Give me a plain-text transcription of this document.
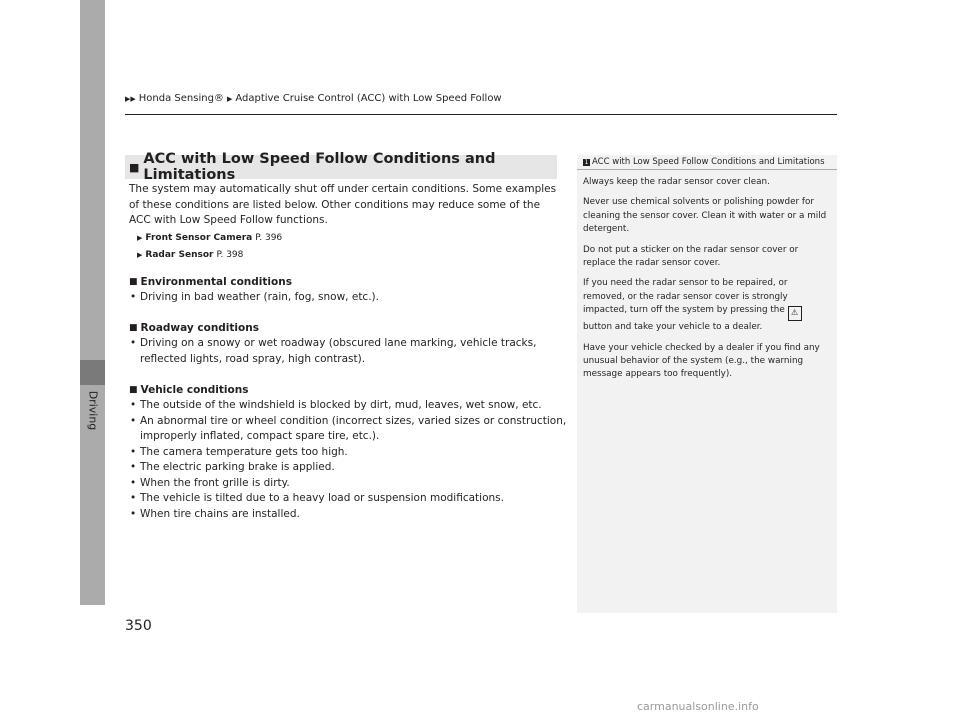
Driving
▶▶ Honda Sensing® ▶ Adaptive Cruise Control (ACC) with Low Speed Follow
■ ACC with Low Speed Follow Conditions and Limitations

The system may automatically shut off under certain conditions. Some examples of these conditions are listed below. Other conditions may reduce some of the ACC with Low Speed Follow functions.

▶ Front Sensor Camera P. 396
▶ Radar Sensor P. 398
■ Environmental conditions
• Driving in bad weather (rain, fog, snow, etc.).
■ Roadway conditions
• Driving on a snowy or wet roadway (obscured lane marking, vehicle tracks, reflected lights, road spray, high contrast).
■ Vehicle conditions
• The outside of the windshield is blocked by dirt, mud, leaves, wet snow, etc.
• An abnormal tire or wheel condition (incorrect sizes, varied sizes or construction, improperly inflated, compact spare tire, etc.).
• The camera temperature gets too high.
• The electric parking brake is applied.
• When the front grille is dirty.
• The vehicle is tilted due to a heavy load or suspension modifications.
• When tire chains are installed.
1 ACC with Low Speed Follow Conditions and Limitations

Always keep the radar sensor cover clean.

Never use chemical solvents or polishing powder for cleaning the sensor cover. Clean it with water or a mild detergent.

Do not put a sticker on the radar sensor cover or replace the radar sensor cover.

If you need the radar sensor to be repaired, or removed, or the radar sensor cover is strongly impacted, turn off the system by pressing the ⚠

button and take your vehicle to a dealer.

Have your vehicle checked by a dealer if you find any unusual behavior of the system (e.g., the warning message appears too frequently).

350
carmanualsonline.info
